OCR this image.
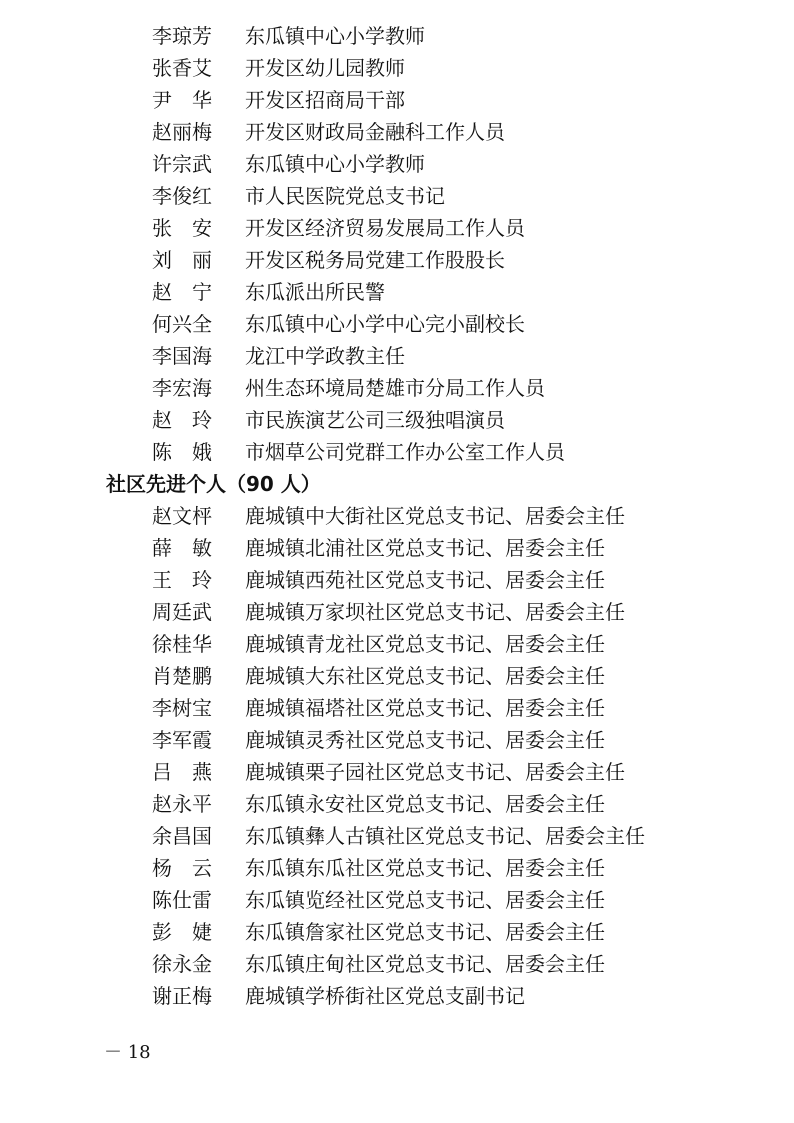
李琼芳 东瓜镇中心小学教师
张香艾 开发区幼儿园教师
尹　华 开发区招商局干部
赵丽梅 开发区财政局金融科工作人员
许宗武 东瓜镇中心小学教师
李俊红 市人民医院党总支书记
张　安 开发区经济贸易发展局工作人员
刘　丽 开发区税务局党建工作股股长
赵　宁 东瓜派出所民警
何兴全 东瓜镇中心小学中心完小副校长
李国海 龙江中学政教主任
李宏海 州生态环境局楚雄市分局工作人员
赵　玲 市民族演艺公司三级独唱演员
陈　娥 市烟草公司党群工作办公室工作人员
社区先进个人（90 人）
赵文枰 鹿城镇中大街社区党总支书记、居委会主任
薛　敏 鹿城镇北浦社区党总支书记、居委会主任
王　玲 鹿城镇西苑社区党总支书记、居委会主任
周廷武 鹿城镇万家坝社区党总支书记、居委会主任
徐桂华 鹿城镇青龙社区党总支书记、居委会主任
肖楚鹏 鹿城镇大东社区党总支书记、居委会主任
李树宝 鹿城镇福塔社区党总支书记、居委会主任
李军霞 鹿城镇灵秀社区党总支书记、居委会主任
吕　燕 鹿城镇栗子园社区党总支书记、居委会主任
赵永平 东瓜镇永安社区党总支书记、居委会主任
余昌国 东瓜镇彝人古镇社区党总支书记、居委会主任
杨　云 东瓜镇东瓜社区党总支书记、居委会主任
陈仕雷 东瓜镇览经社区党总支书记、居委会主任
彭　婕 东瓜镇詹家社区党总支书记、居委会主任
徐永金 东瓜镇庄甸社区党总支书记、居委会主任
谢正梅 鹿城镇学桥街社区党总支副书记
－ 18
